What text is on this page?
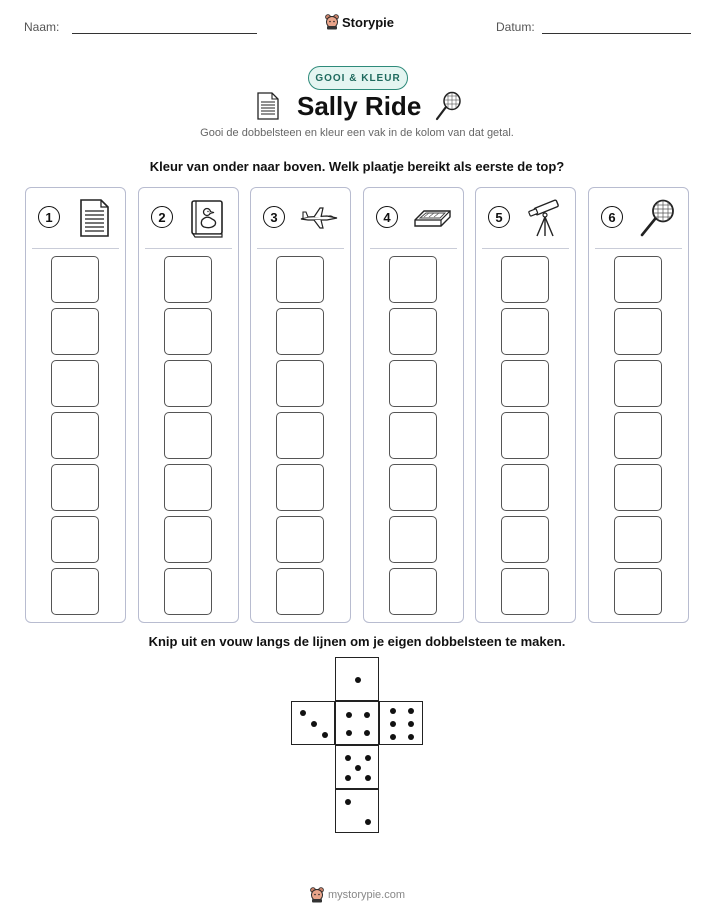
Naam:	Storypie	Datum:
GOOI & KLEUR
Sally Ride
Gooi de dobbelsteen en kleur een vak in de kolom van dat getal.
Kleur van onder naar boven. Welk plaatje bereikt als eerste de top?
1	2	3	4	5	6
Knip uit en vouw langs de lijnen om je eigen dobbelsteen te maken.
mystorypie.com
